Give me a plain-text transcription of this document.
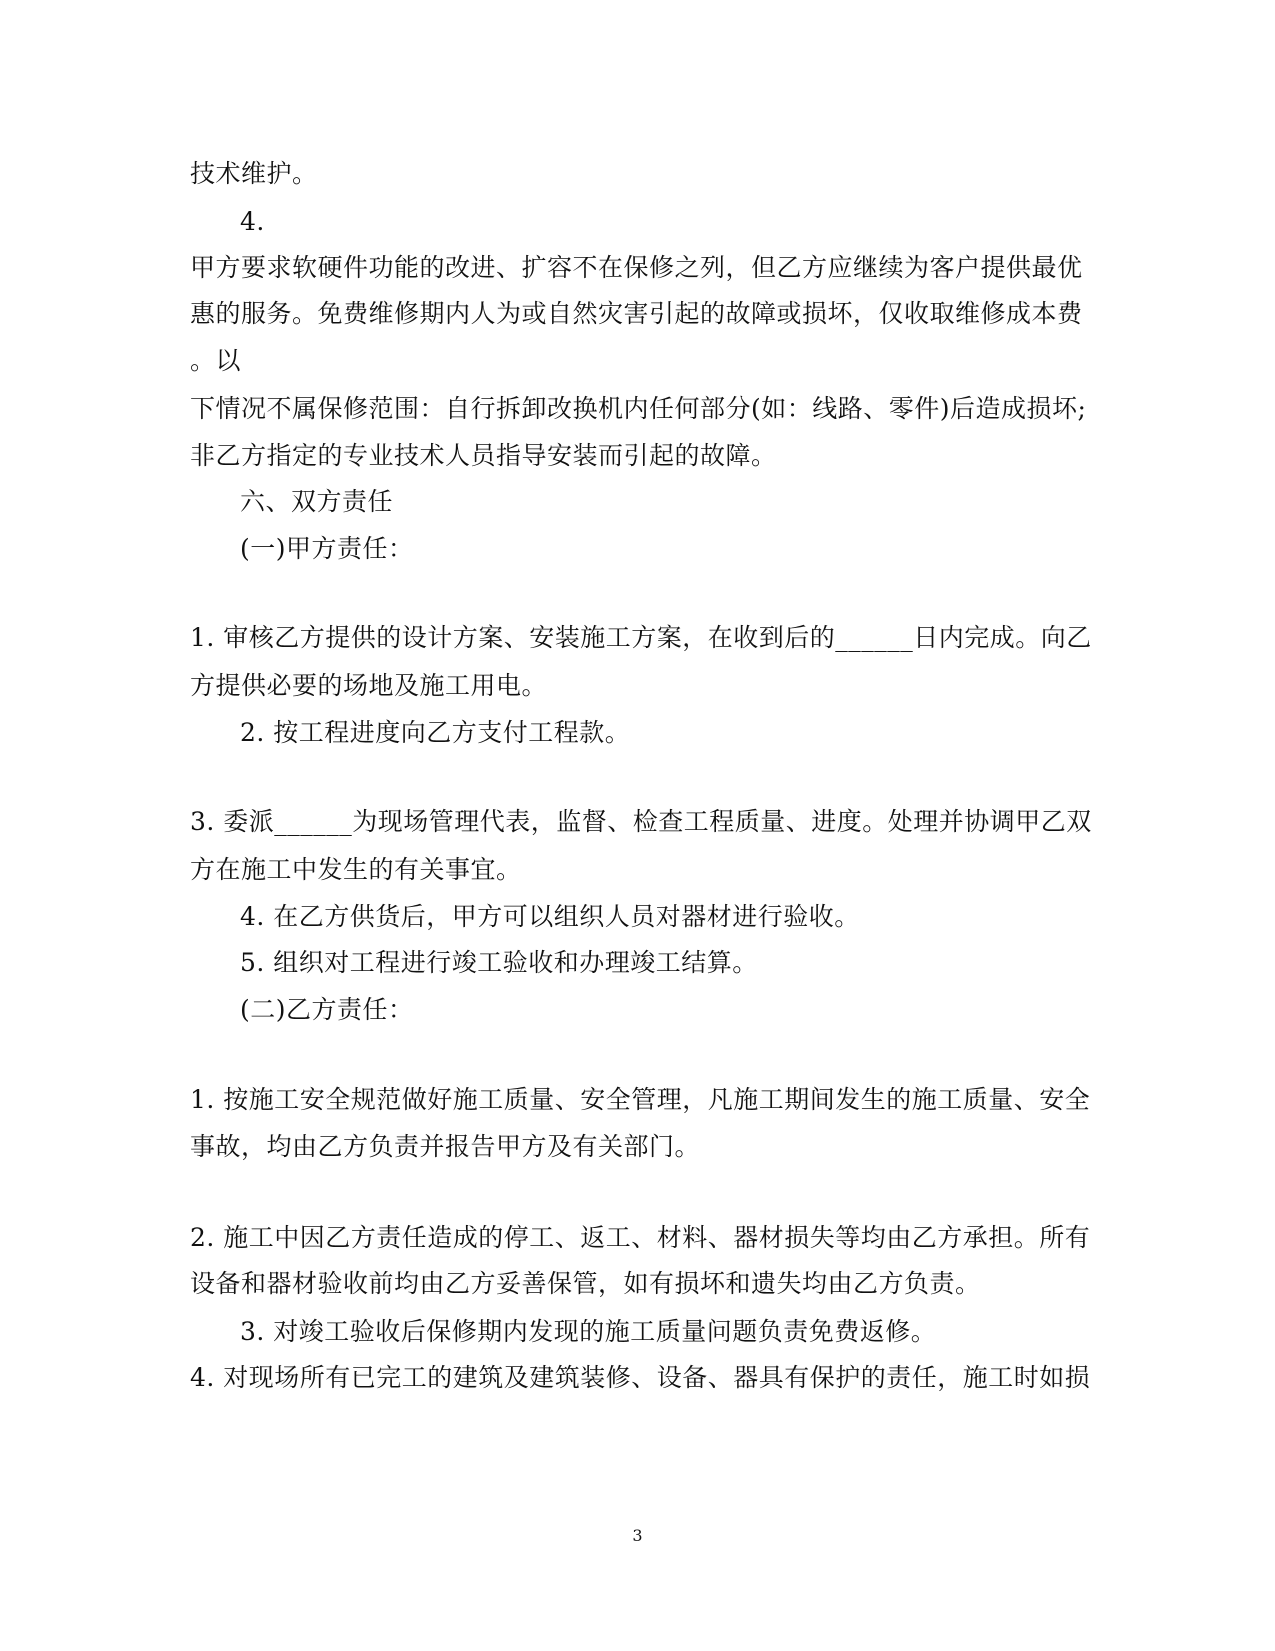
技术维护。
4.
甲方要求软硬件功能的改进、扩容不在保修之列，但乙方应继续为客户提供最优
惠的服务。免费维修期内人为或自然灾害引起的故障或损坏，仅收取维修成本费
。以
下情况不属保修范围：自行拆卸改换机内任何部分(如：线路、零件)后造成损坏;
非乙方指定的专业技术人员指导安装而引起的故障。
六、双方责任
(一)甲方责任：
1. 审核乙方提供的设计方案、安装施工方案，在收到后的______日内完成。向乙
方提供必要的场地及施工用电。
2. 按工程进度向乙方支付工程款。
3. 委派______为现场管理代表，监督、检查工程质量、进度。处理并协调甲乙双
方在施工中发生的有关事宜。
4. 在乙方供货后，甲方可以组织人员对器材进行验收。
5. 组织对工程进行竣工验收和办理竣工结算。
(二)乙方责任：
1. 按施工安全规范做好施工质量、安全管理，凡施工期间发生的施工质量、安全
事故，均由乙方负责并报告甲方及有关部门。
2. 施工中因乙方责任造成的停工、返工、材料、器材损失等均由乙方承担。所有
设备和器材验收前均由乙方妥善保管，如有损坏和遗失均由乙方负责。
3. 对竣工验收后保修期内发现的施工质量问题负责免费返修。
4. 对现场所有已完工的建筑及建筑装修、设备、器具有保护的责任，施工时如损
3
